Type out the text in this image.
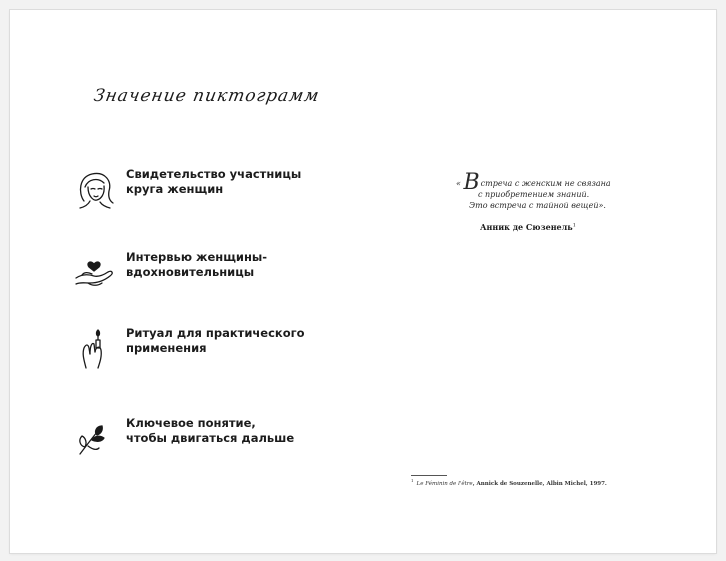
Значение пиктограмм
Свидетельство участницы
круга женщин
Интервью женщины-
вдохновительницы
Ритуал для практического
применения
Ключевое понятие,
чтобы двигаться дальше
« Встреча с женским не связана
с приобретением знаний.
Это встреча с тайной вещей».
Анник де Сюзенель$^1$
$^1$Le Féminin de l'être, Annick de Souzenelle, Albin Michel, 1997.
